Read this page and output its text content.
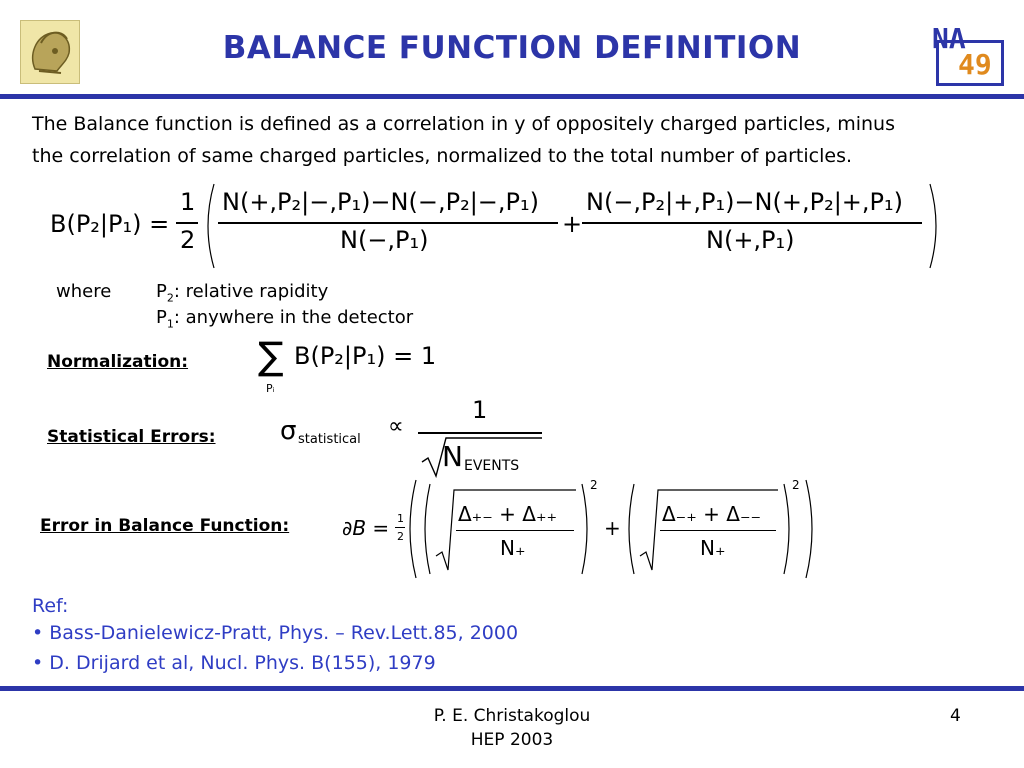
BALANCE FUNCTION DEFINITION	NA
49
The Balance function is defined as a correlation in y of oppositely charged particles, minus
the correlation of same charged particles, normalized to the total number of particles.
B(P₂|P₁) =
1
2
N(+,P₂|−,P₁)−N(−,P₂|−,P₁)
N(−,P₁)
+
N(−,P₂|+,P₁)−N(+,P₂|+,P₁)
N(+,P₁)
where $P_2$: relative rapidity
$P_1$: anywhere in the detector
Normalization: ∑
Pᵢ
B(P₂|P₁) = 1
Statistical Errors: σ statistical
∝
1
N EVENTS
Error in Balance Function:	∂B = 1
2
Δ₊₋ + Δ₊₊
N₊
2
+
Δ₋₊ + Δ₋₋
N₊
2
Ref:
• Bass-Danielewicz-Pratt, Phys. – Rev.Lett.85, 2000
• D. Drijard et al, Nucl. Phys. B(155), 1979
P. E. Christakoglou
HEP 2003
4
